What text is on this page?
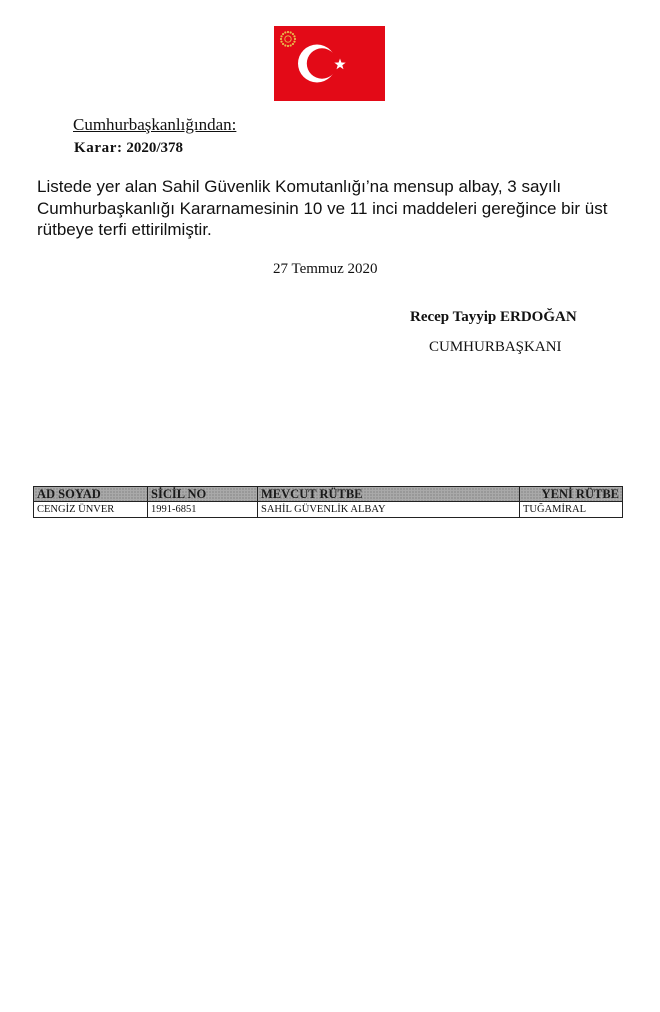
Cumhurbaşkanlığından:
Karar: 2020/378

Listede yer alan Sahil Güvenlik Komutanlığı’na mensup albay, 3 sayılı Cumhurbaşkanlığı Kararnamesinin 10 ve 11 inci maddeleri gereğince bir üst rütbeye terfi ettirilmiştir.

27 Temmuz 2020
Recep Tayyip ERDOĞAN
CUMHURBAŞKANI
AD SOYAD	SİCİL NO	MEVCUT RÜTBE	YENİ RÜTBE
CENGİZ ÜNVER	1991-6851	SAHİL GÜVENLİK ALBAY	TUĞAMİRAL
